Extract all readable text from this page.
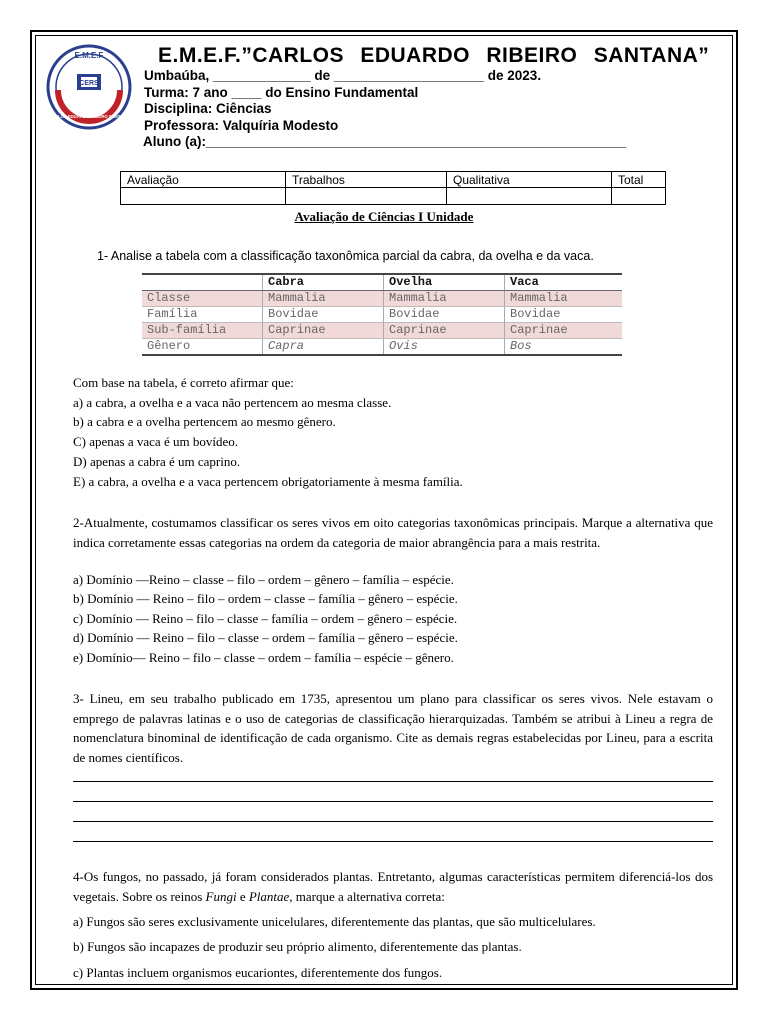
CERS
E.M.E.F
CARLOS EDUARDO RIBEIRO SANTANA
E.M.E.F.”CARLOS EDUARDO RIBEIRO SANTANA”
Umbaúba, _____________ de ____________________ de 2023.
Turma: 7 ano ____ do Ensino Fundamental
Disciplina: Ciências
Professora: Valquíria Modesto
Aluno (a):________________________________________________________
Avaliação	Trabalhos	Qualitativa	Total

Avaliação de Ciências I Unidade
1- Analise a tabela com a classificação taxonômica parcial da cabra, da ovelha e da vaca.
	Cabra	Ovelha	Vaca
Classe	Mammalia	Mammalia	Mammalia
Família	Bovidae	Bovidae	Bovidae
Sub-família	Caprinae	Caprinae	Caprinae
Gênero	Capra	Ovis	Bos
Com base na tabela, é correto afirmar que:
a) a cabra, a ovelha e a vaca não pertencem ao mesma classe.
b) a cabra e a ovelha pertencem ao mesmo gênero.
C) apenas a vaca é um bovídeo.
D) apenas a cabra é um caprino.
E) a cabra, a ovelha e a vaca pertencem obrigatoriamente à mesma família.
2-Atualmente, costumamos classificar os seres vivos em oito categorias taxonômicas principais. Marque a alternativa que indica corretamente essas categorias na ordem da categoria de maior abrangência para a mais restrita.
a) Domínio —Reino – classe – filo – ordem – gênero – família – espécie.
b) Domínio — Reino – filo – ordem – classe – família – gênero – espécie.
c) Domínio — Reino – filo – classe – família – ordem – gênero – espécie.
d) Domínio — Reino – filo – classe – ordem – família – gênero – espécie.
e) Domínio— Reino – filo – classe – ordem – família – espécie – gênero.
3- Lineu, em seu trabalho publicado em 1735, apresentou um plano para classificar os seres vivos. Nele estavam o emprego de palavras latinas e o uso de categorias de classificação hierarquizadas. Também se atribui à Lineu a regra de nomenclatura binominal de identificação de cada organismo. Cite as demais regras estabelecidas por Lineu, para a escrita de nomes científicos.
4-Os fungos, no passado, já foram considerados plantas. Entretanto, algumas características permitem diferenciá-los dos vegetais. Sobre os reinos Fungi e Plantae, marque a alternativa correta:
a) Fungos são seres exclusivamente unicelulares, diferentemente das plantas, que são multicelulares.
b) Fungos são incapazes de produzir seu próprio alimento, diferentemente das plantas.
c) Plantas incluem organismos eucariontes, diferentemente dos fungos.
